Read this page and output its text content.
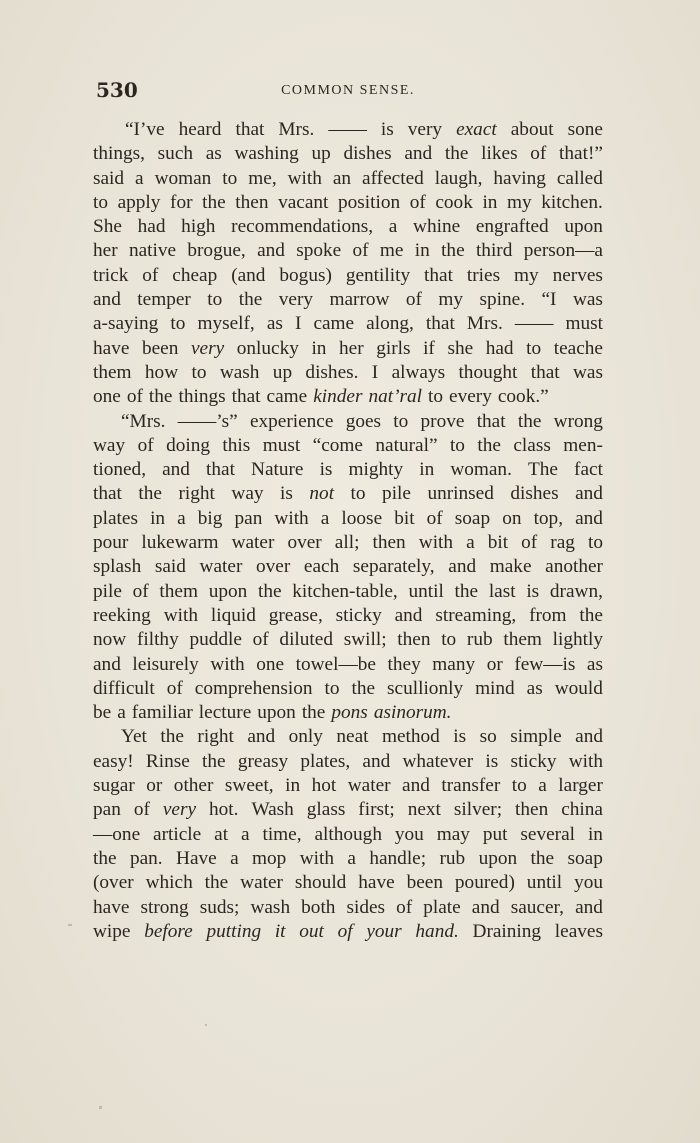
530	COMMON SENSE.
“I’ve heard that Mrs. —— is very exact about sone
things, such as washing up dishes and the likes of that!”
said a woman to me, with an affected laugh, having called
to apply for the then vacant position of cook in my kitchen.
She had high recommendations, a whine engrafted upon
her native brogue, and spoke of me in the third person—a
trick of cheap (and bogus) gentility that tries my nerves
and temper to the very marrow of my spine. “I was
a-saying to myself, as I came along, that Mrs. —— must
have been very onlucky in her girls if she had to teache
them how to wash up dishes. I always thought that was
one of the things that came kinder nat’ral to every cook.”
“Mrs. ——’s” experience goes to prove that the wrong
way of doing this must “come natural” to the class men-
tioned, and that Nature is mighty in woman. The fact
that the right way is not to pile unrinsed dishes and
plates in a big pan with a loose bit of soap on top, and
pour lukewarm water over all; then with a bit of rag to
splash said water over each separately, and make another
pile of them upon the kitchen-table, until the last is drawn,
reeking with liquid grease, sticky and streaming, from the
now filthy puddle of diluted swill; then to rub them lightly
and leisurely with one towel—be they many or few—is as
difficult of comprehension to the scullionly mind as would
be a familiar lecture upon the pons asinorum.
Yet the right and only neat method is so simple and
easy! Rinse the greasy plates, and whatever is sticky with
sugar or other sweet, in hot water and transfer to a larger
pan of very hot. Wash glass first; next silver; then china
—one article at a time, although you may put several in
the pan. Have a mop with a handle; rub upon the soap
(over which the water should have been poured) until you
have strong suds; wash both sides of plate and saucer, and
wipe before putting it out of your hand. Draining leaves
